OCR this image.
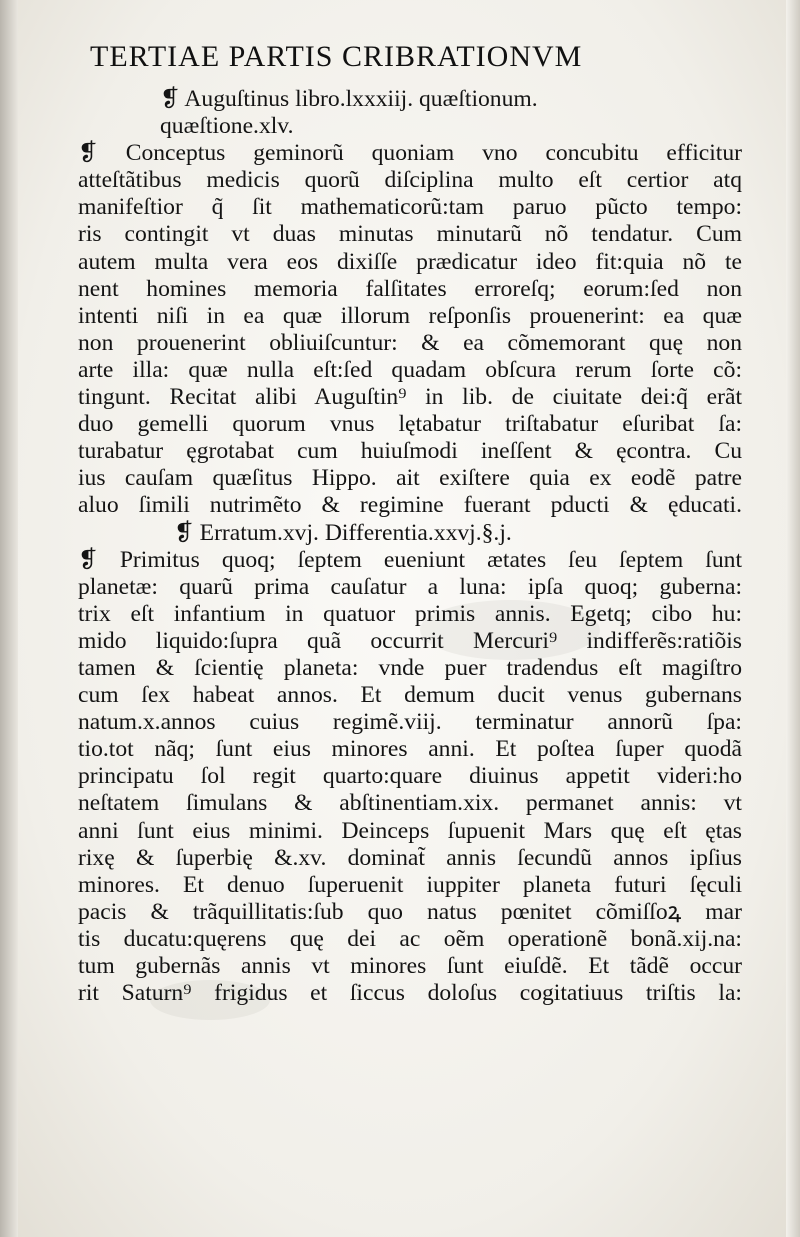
TERTIAE PARTIS CRIBRATIONVM
❡ Auguſtinus libro.lxxxiij. quæſtionum.
quæſtione.xlv.
❡ Conceptus geminorũ quoniam vno concubitu efficitur
atteſtãtibus medicis quorũ diſciplina multo eſt certior atq
manifeſtior q̃ ſit mathematicorũ:tam paruo pũcto tempo:
ris contingit vt duas minutas minutarũ nõ tendatur. Cum
autem multa vera eos dixiſſe prædicatur ideo fit:quia nõ te
nent homines memoria falſitates erroreſq; eorum:ſed non
intenti niſi in ea quæ illorum reſponſis prouenerint: ea quæ
non prouenerint obliuiſcuntur: & ea cõmemorant quę non
arte illa: quæ nulla eſt:ſed quadam obſcura rerum ſorte cõ:
tingunt. Recitat alibi Auguſtin⁹ in lib. de ciuitate dei:q̃ erãt
duo gemelli quorum vnus lętabatur triſtabatur eſuribat ſa:
turabatur ęgrotabat cum huiuſmodi ineſſent & ęcontra. Cu
ius cauſam quæſitus Hippo. ait exiſtere quia ex eodẽ patre
aluo ſimili nutrimẽto & regimine fuerant pducti & ęducati.
❡ Erratum.xvj. Differentia.xxvj.§.j.
❡ Primitus quoq; ſeptem eueniunt ætates ſeu ſeptem ſunt
planetæ: quarũ prima cauſatur a luna: ipſa quoq; guberna:
trix eſt infantium in quatuor primis annis. Egetq; cibo hu:
mido liquido:ſupra quã occurrit Mercuri⁹ indifferẽs:ratiõis
tamen & ſcientię planeta: vnde puer tradendus eſt magiſtro
cum ſex habeat annos. Et demum ducit venus gubernans
natum.x.annos cuius regimẽ.viij. terminatur annorũ ſpa:
tio.tot nãq; ſunt eius minores anni. Et poſtea ſuper quodã
principatu ſol regit quarto:quare diuinus appetit videri:ho
neſtatem ſimulans & abſtinentiam.xix. permanet annis: vt
anni ſunt eius minimi. Deinceps ſupuenit Mars quę eſt ętas
rixę & ſuperbię &.xv. dominat̃ annis ſecundũ annos ipſius
minores. Et denuo ſuperuenit iuppiter planeta futuri ſęculi
pacis & trãquillitatis:ſub quo natus pœnitet cõmiſſoꝝ mar
tis ducatu:quęrens quę dei ac oẽm operationẽ bonã.xij.na:
tum gubernãs annis vt minores ſunt eiuſdẽ. Et tãdẽ occur
rit Saturn⁹ frigidus et ſiccus doloſus cogitatiuus triſtis la:
